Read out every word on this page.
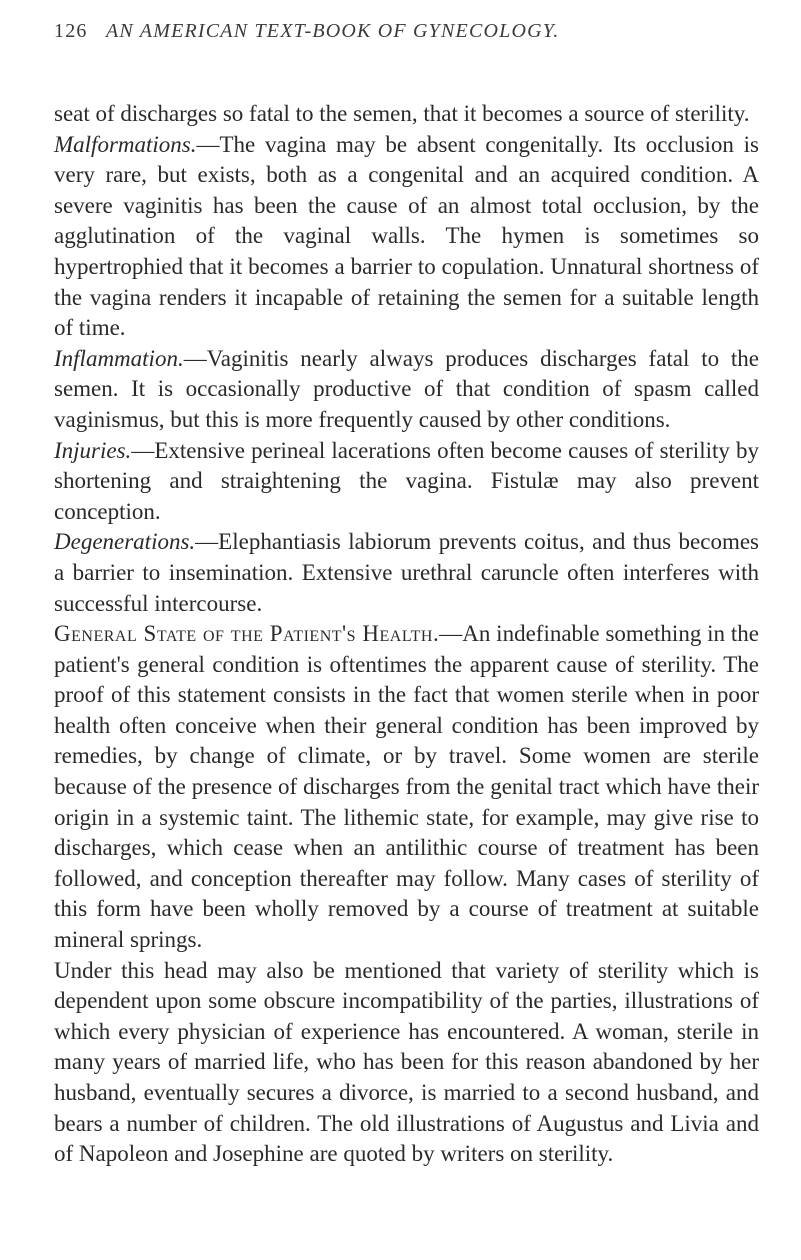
126 AN AMERICAN TEXT-BOOK OF GYNECOLOGY.

seat of discharges so fatal to the semen, that it becomes a source of sterility.

Malformations.—The vagina may be absent congenitally. Its occlusion is very rare, but exists, both as a congenital and an acquired condition. A severe vaginitis has been the cause of an almost total occlusion, by the agglutination of the vaginal walls. The hymen is sometimes so hypertrophied that it becomes a barrier to copulation. Unnatural shortness of the vagina renders it incapable of retaining the semen for a suitable length of time.

Inflammation.—Vaginitis nearly always produces discharges fatal to the semen. It is occasionally productive of that condition of spasm called vaginismus, but this is more frequently caused by other conditions.

Injuries.—Extensive perineal lacerations often become causes of sterility by shortening and straightening the vagina. Fistulæ may also prevent conception.

Degenerations.—Elephantiasis labiorum prevents coitus, and thus becomes a barrier to insemination. Extensive urethral caruncle often interferes with successful intercourse.

General State of the Patient's Health.—An indefinable something in the patient's general condition is oftentimes the apparent cause of sterility. The proof of this statement consists in the fact that women sterile when in poor health often conceive when their general condition has been improved by remedies, by change of climate, or by travel. Some women are sterile because of the presence of discharges from the genital tract which have their origin in a systemic taint. The lithemic state, for example, may give rise to discharges, which cease when an antilithic course of treatment has been followed, and conception thereafter may follow. Many cases of sterility of this form have been wholly removed by a course of treatment at suitable mineral springs.

Under this head may also be mentioned that variety of sterility which is dependent upon some obscure incompatibility of the parties, illustrations of which every physician of experience has encountered. A woman, sterile in many years of married life, who has been for this reason abandoned by her husband, eventually secures a divorce, is married to a second husband, and bears a number of children. The old illustrations of Augustus and Livia and of Napoleon and Josephine are quoted by writers on sterility.
